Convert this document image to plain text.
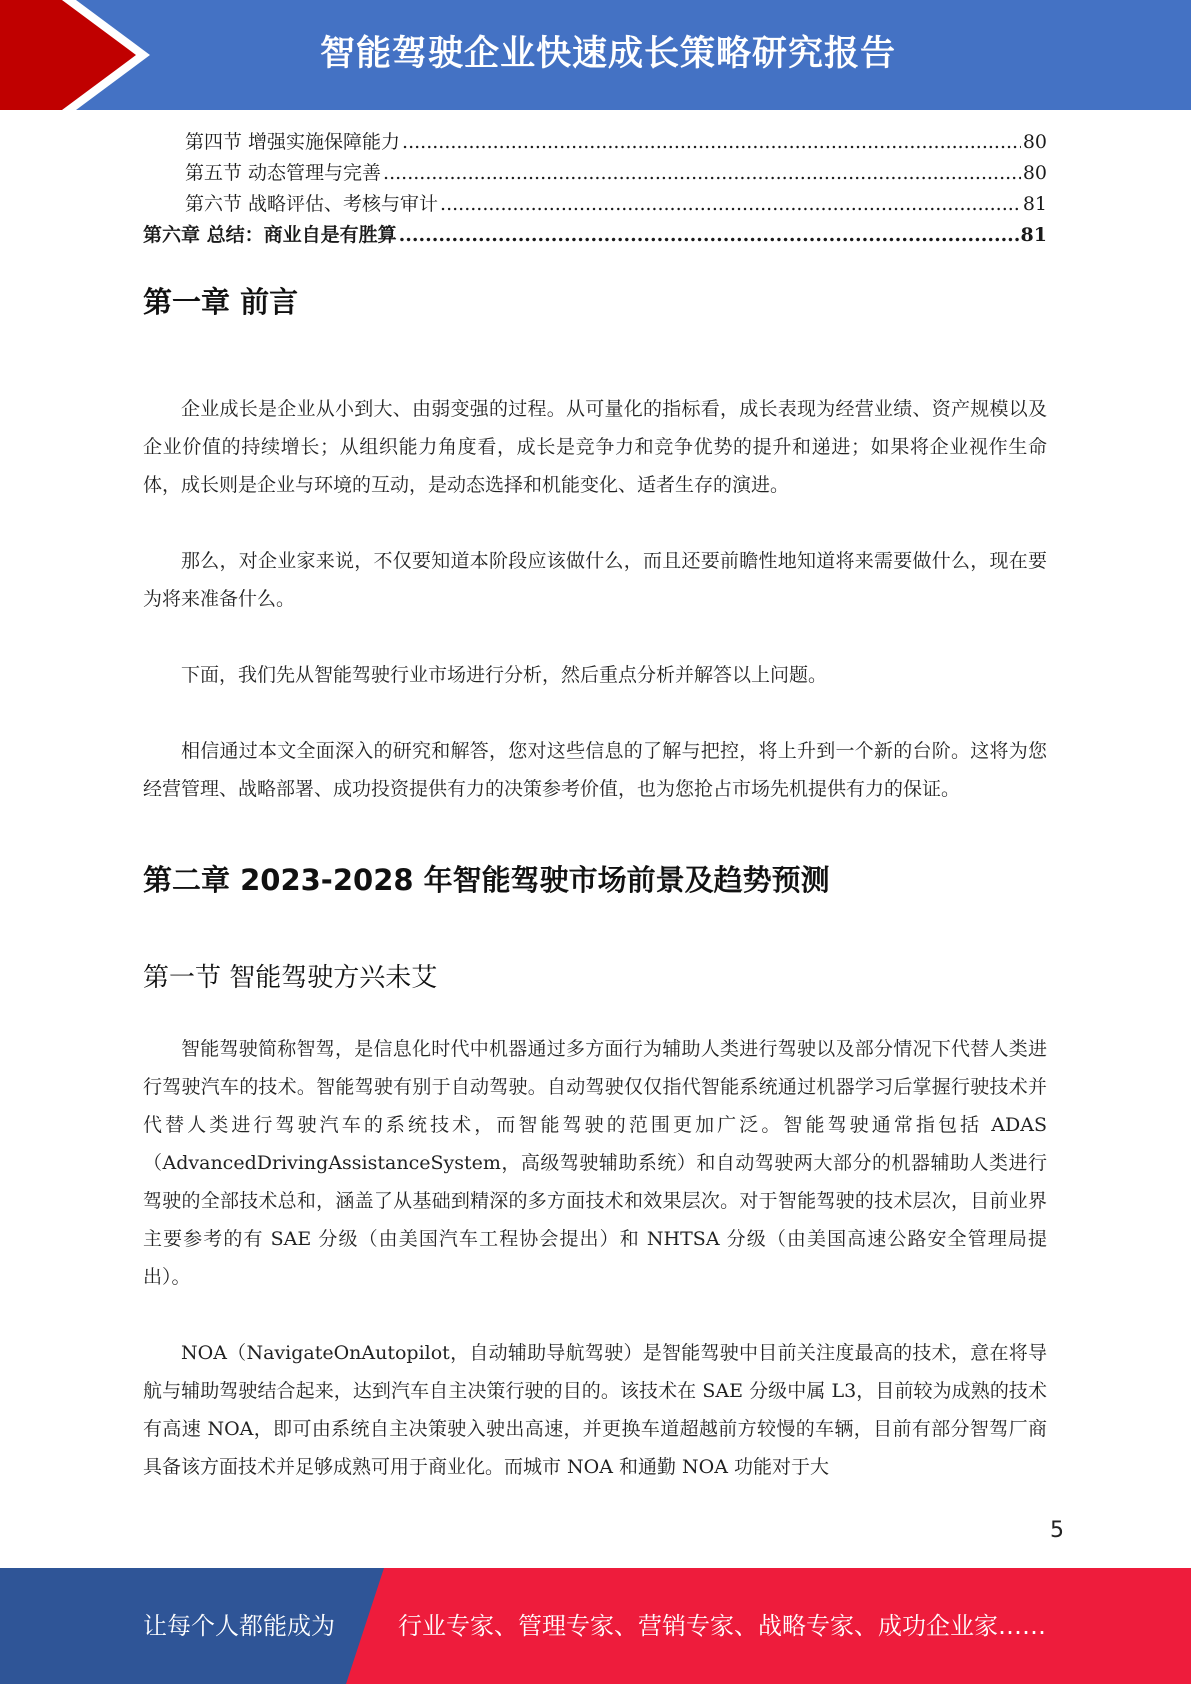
智能驾驶企业快速成长策略研究报告
第四节 增强实施保障能力 .....	80
第五节 动态管理与完善 .....	80
第六节 战略评估、考核与审计 .....	81
第六章 总结：商业自是有胜算 .....	81
第一章 前言

企业成长是企业从小到大、由弱变强的过程。从可量化的指标看，成长表现为经营业绩、资产规模以及企业价值的持续增长；从组织能力角度看，成长是竞争力和竞争优势的提升和递进；如果将企业视作生命体，成长则是企业与环境的互动，是动态选择和机能变化、适者生存的演进。

那么，对企业家来说，不仅要知道本阶段应该做什么，而且还要前瞻性地知道将来需要做什么，现在要为将来准备什么。

下面，我们先从智能驾驶行业市场进行分析，然后重点分析并解答以上问题。

相信通过本文全面深入的研究和解答，您对这些信息的了解与把控，将上升到一个新的台阶。这将为您经营管理、战略部署、成功投资提供有力的决策参考价值，也为您抢占市场先机提供有力的保证。

第二章 2023-2028 年智能驾驶市场前景及趋势预测
第一节 智能驾驶方兴未艾

智能驾驶简称智驾，是信息化时代中机器通过多方面行为辅助人类进行驾驶以及部分情况下代替人类进行驾驶汽车的技术。智能驾驶有别于自动驾驶。自动驾驶仅仅指代智能系统通过机器学习后掌握行驶技术并代替人类进行驾驶汽车的系统技术，而智能驾驶的范围更加广泛。智能驾驶通常指包括 ADAS（AdvancedDrivingAssistanceSystem，高级驾驶辅助系统）和自动驾驶两大部分的机器辅助人类进行驾驶的全部技术总和，涵盖了从基础到精深的多方面技术和效果层次。对于智能驾驶的技术层次，目前业界主要参考的有 SAE 分级（由美国汽车工程协会提出）和 NHTSA 分级（由美国高速公路安全管理局提出）。

NOA（NavigateOnAutopilot，自动辅助导航驾驶）是智能驾驶中目前关注度最高的技术，意在将导航与辅助驾驶结合起来，达到汽车自主决策行驶的目的。该技术在 SAE 分级中属 L3，目前较为成熟的技术有高速 NOA，即可由系统自主决策驶入驶出高速，并更换车道超越前方较慢的车辆，目前有部分智驾厂商具备该方面技术并足够成熟可用于商业化。而城市 NOA 和通勤 NOA 功能对于大

5
让每个人都能成为	行业专家、管理专家、营销专家、战略专家、成功企业家……
